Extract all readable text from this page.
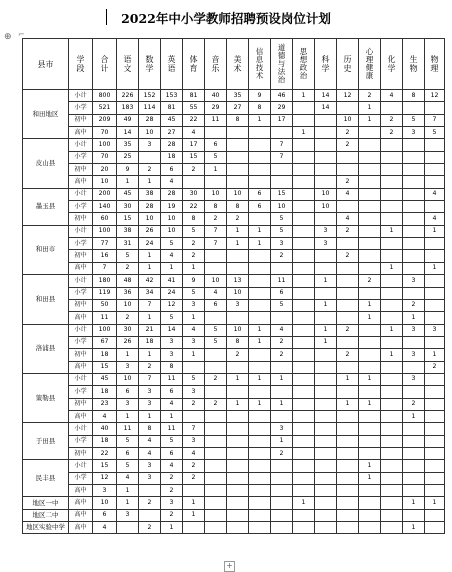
⌐
⊕
2022年中小学教师招聘预设岗位计划
县市	学段	合计	语文	数学	英语	体育	音乐	美术	信息技术	道德与法治	思想政治	科学	历史	心理健康	化学	生物	物理	
和田地区	小计	800	226	152	153	81	40	35	9	46	1	14	12	2	4	8	12	
	小学	521	183	114	81	55	29	27	8	29		14		1				
	初中	209	49	28	45	22	11	8	1	17			10	1	2	5	7	
	高中	70	14	10	27	4					1		2		2	3	5	
皮山县	小计	100	35	3	28	17	6			7			2					
	小学	70	25		18	15	5			7								
	初中	20	9	2	6	2	1											
	高中	10	1	1	4								2					
墨玉县	小计	200	45	38	28	30	10	10	6	15		10	4				4	
	小学	140	30	28	19	22	8	8	6	10		10						
	初中	60	15	10	10	8	2	2		5			4				4	
和田市	小计	100	38	26	10	5	7	1	1	5		3	2		1		1	
	小学	77	31	24	5	2	7	1	1	3		3						
	初中	16	5	1	4	2				2			2					
	高中	7	2	1	1	1									1		1	
和田县	小计	180	48	42	41	9	10	13		11		1		2		3		
	小学	119	36	34	24	5	4	10		6								
	初中	50	10	7	12	3	6	3		5		1		1		2		
	高中	11	2	1	5	1								1		1		
洛浦县	小计	100	30	21	14	4	5	10	1	4		1	2		1	3	3	
	小学	67	26	18	3	3	5	8	1	2		1						
	初中	18	1	1	3	1		2		2			2		1	3	1	
	高中	15	3	2	8												2	
策勒县	小计	45	10	7	11	5	2	1	1	1			1	1		3		
	小学	18	6	3	6	3												
	初中	23	3	3	4	2	2	1	1	1			1	1		2		
	高中	4	1	1	1											1		
于田县	小计	40	11	8	11	7				3								
	小学	18	5	4	5	3				1								
	初中	22	6	4	6	4				2								
民丰县	小计	15	5	3	4	2								1				
	小学	12	4	3	2	2								1				
	高中	3	1		2													
地区一中	高中	10	1	2	3	1					1					1	1	
地区二中	高中	6	3		2	1												
地区实验中学	高中	4		2	1											1		
+
